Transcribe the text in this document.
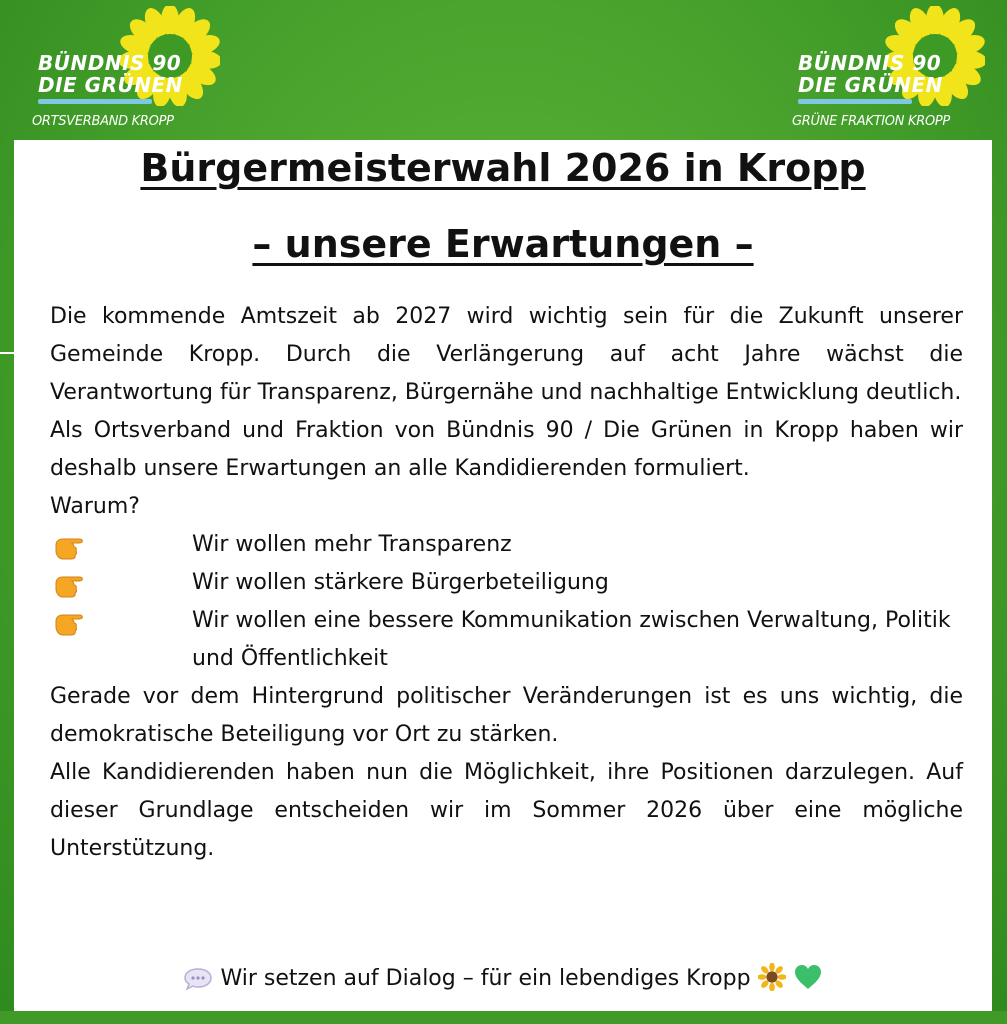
BÜNDNIS 90
DIE GRÜNEN
ORTSVERBAND KROPP
BÜNDNIS 90
DIE GRÜNEN
GRÜNE FRAKTION KROPP
Bürgermeisterwahl 2026 in Kropp
– unsere Erwartungen –

Die kommende Amtszeit ab 2027 wird wichtig sein für die Zukunft unserer Gemeinde Kropp. Durch die Verlängerung auf acht Jahre wächst die Verantwortung für Transparenz, Bürgernähe und nachhaltige Entwicklung deutlich.

Als Ortsverband und Fraktion von Bündnis 90 / Die Grünen in Kropp haben wir deshalb unsere Erwartungen an alle Kandidierenden formuliert.

Warum?

Wir wollen mehr Transparenz
Wir wollen stärkere Bürgerbeteiligung
Wir wollen eine bessere Kommunikation zwischen Verwaltung, Politik und Öffentlichkeit

Gerade vor dem Hintergrund politischer Veränderungen ist es uns wichtig, die demokratische Beteiligung vor Ort zu stärken.

Alle Kandidierenden haben nun die Möglichkeit, ihre Positionen darzulegen. Auf dieser Grundlage entscheiden wir im Sommer 2026 über eine mögliche Unterstützung.

Wir setzen auf Dialog – für ein lebendiges Kropp
